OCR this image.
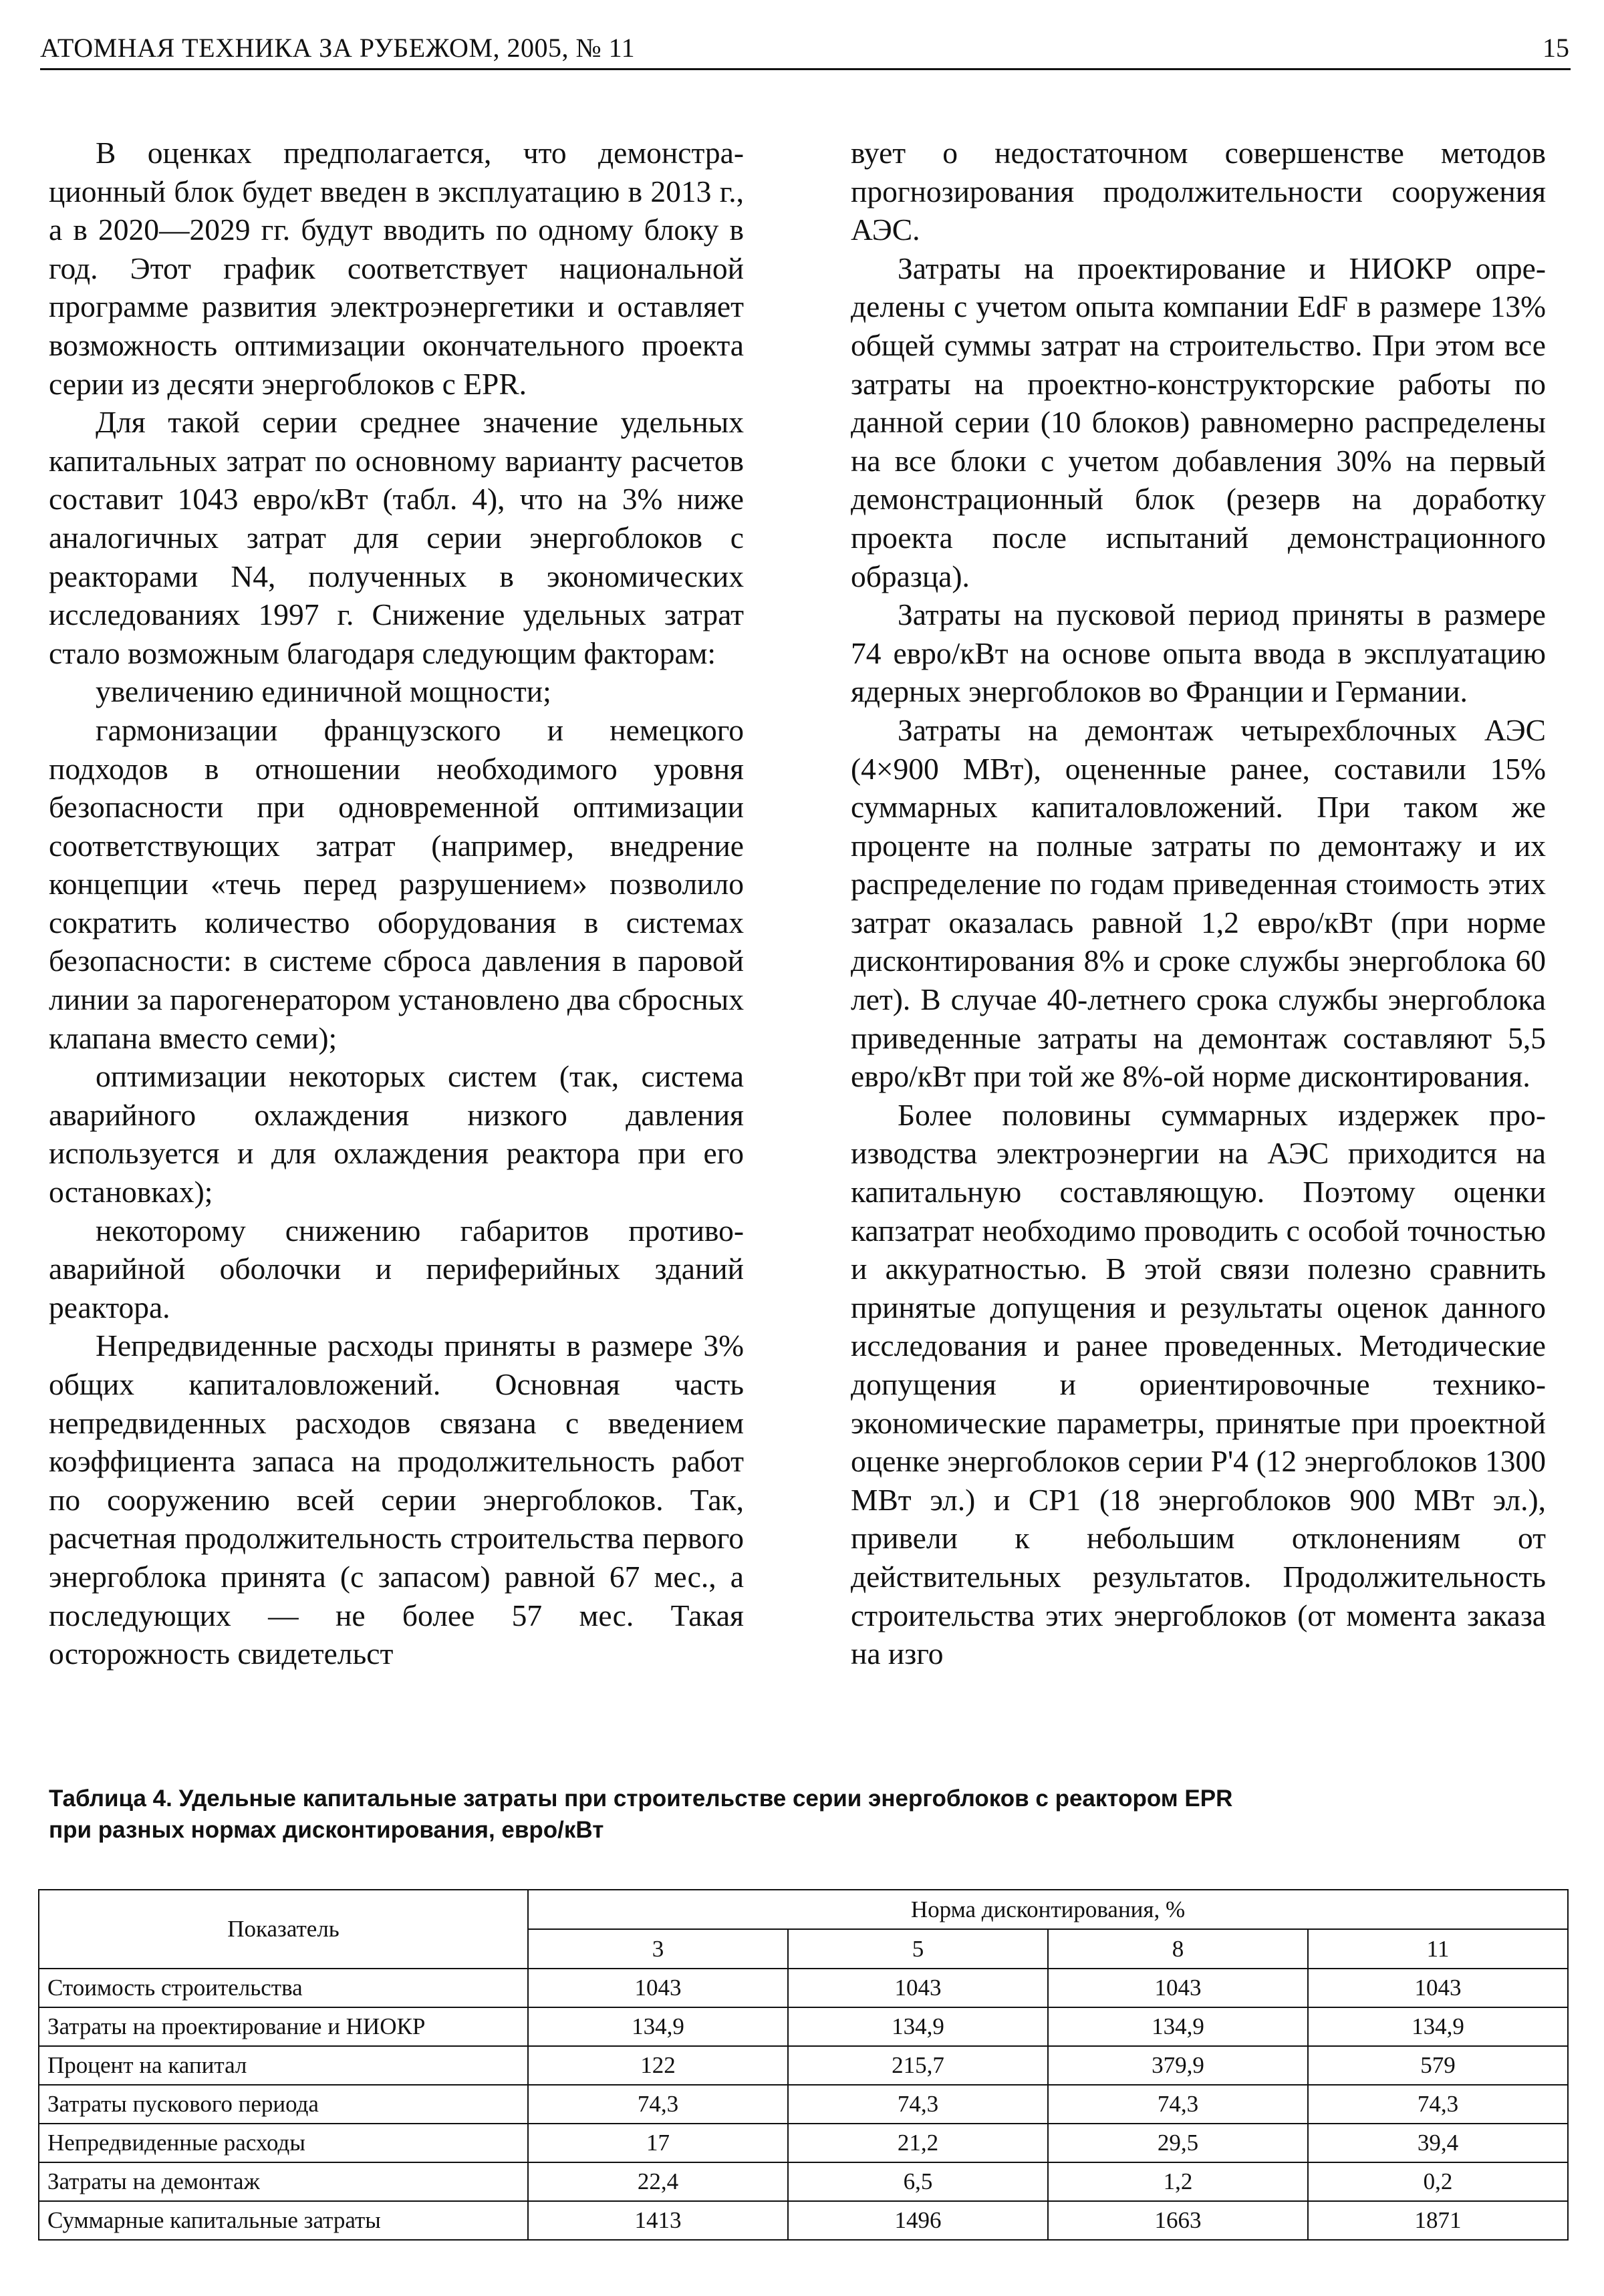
АТОМНАЯ ТЕХНИКА ЗА РУБЕЖОМ, 2005, № 11	15

В оценках предполагается, что демонстрационный блок будет введен в эксплуатацию в 2013 г., а в 2020—2029 гг. будут вводить по одному блоку в год. Этот график соответствует национальной программе развития электроэнергетики и оставляет возможность оптимизации окончательного проекта серии из десяти энергоблоков с EPR.

Для такой серии среднее значение удельных капитальных затрат по основному варианту расчетов составит 1043 евро/кВт (табл. 4), что на 3% ниже аналогичных затрат для серии энергоблоков с реакторами N4, полученных в экономических исследованиях 1997 г. Снижение удельных затрат стало возможным благодаря следующим факторам:

увеличению единичной мощности;

гармонизации французского и немецкого подходов в отношении необходимого уровня безопасности при одновременной оптимизации соответствующих затрат (например, внедрение концепции «течь перед разрушением» позволило сократить количество оборудования в системах безопасности: в системе сброса давления в паровой линии за парогенератором установлено два сбросных клапана вместо семи);

оптимизации некоторых систем (так, система аварийного охлаждения низкого давления используется и для охлаждения реактора при его остановках);

некоторому снижению габаритов противоаварийной оболочки и периферийных зданий реактора.

Непредвиденные расходы приняты в размере 3% общих капиталовложений. Основная часть непредвиденных расходов связана с введением коэффициента запаса на продолжительность работ по сооружению всей серии энергоблоков. Так, расчетная продолжительность строительства первого энергоблока принята (с запасом) равной 67 мес., а последующих — не более 57 мес. Такая осторожность свидетельст

вует о недостаточном совершенстве методов прогнозирования продолжительности сооружения АЭС.

Затраты на проектирование и НИОКР определены с учетом опыта компании EdF в размере 13% общей суммы затрат на строительство. При этом все затраты на проектно-конструкторские работы по данной серии (10 блоков) равномерно распределены на все блоки с учетом добавления 30% на первый демонстрационный блок (резерв на доработку проекта после испытаний демонстрационного образца).

Затраты на пусковой период приняты в размере 74 евро/кВт на основе опыта ввода в эксплуатацию ядерных энергоблоков во Франции и Германии.

Затраты на демонтаж четырехблочных АЭС (4×900 МВт), оцененные ранее, составили 15% суммарных капиталовложений. При таком же проценте на полные затраты по демонтажу и их распределение по годам приведенная стоимость этих затрат оказалась равной 1,2 евро/кВт (при норме дисконтирования 8% и сроке службы энергоблока 60 лет). В случае 40-летнего срока службы энергоблока приведенные затраты на демонтаж составляют 5,5 евро/кВт при той же 8%-ой норме дисконтирования.

Более половины суммарных издержек производства электроэнергии на АЭС приходится на капитальную составляющую. Поэтому оценки капзатрат необходимо проводить с особой точностью и аккуратностью. В этой связи полезно сравнить принятые допущения и результаты оценок данного исследования и ранее проведенных. Методические допущения и ориентировочные технико-экономические параметры, принятые при проектной оценке энергоблоков серии P'4 (12 энергоблоков 1300 МВт эл.) и CP1 (18 энергоблоков 900 МВт эл.), привели к небольшим отклонениям от действительных результатов. Продолжительность строительства этих энергоблоков (от момента заказа на изго

Таблица 4. Удельные капитальные затраты при строительстве серии энергоблоков с реактором EPR
при разных нормах дисконтирования, евро/кВт
Показатель	Норма дисконтирования, %			
	3	5	8	11
Стоимость строительства	1043	1043	1043	1043
Затраты на проектирование и НИОКР	134,9	134,9	134,9	134,9
Процент на капитал	122	215,7	379,9	579
Затраты пускового периода	74,3	74,3	74,3	74,3
Непредвиденные расходы	17	21,2	29,5	39,4
Затраты на демонтаж	22,4	6,5	1,2	0,2
Суммарные капитальные затраты	1413	1496	1663	1871
